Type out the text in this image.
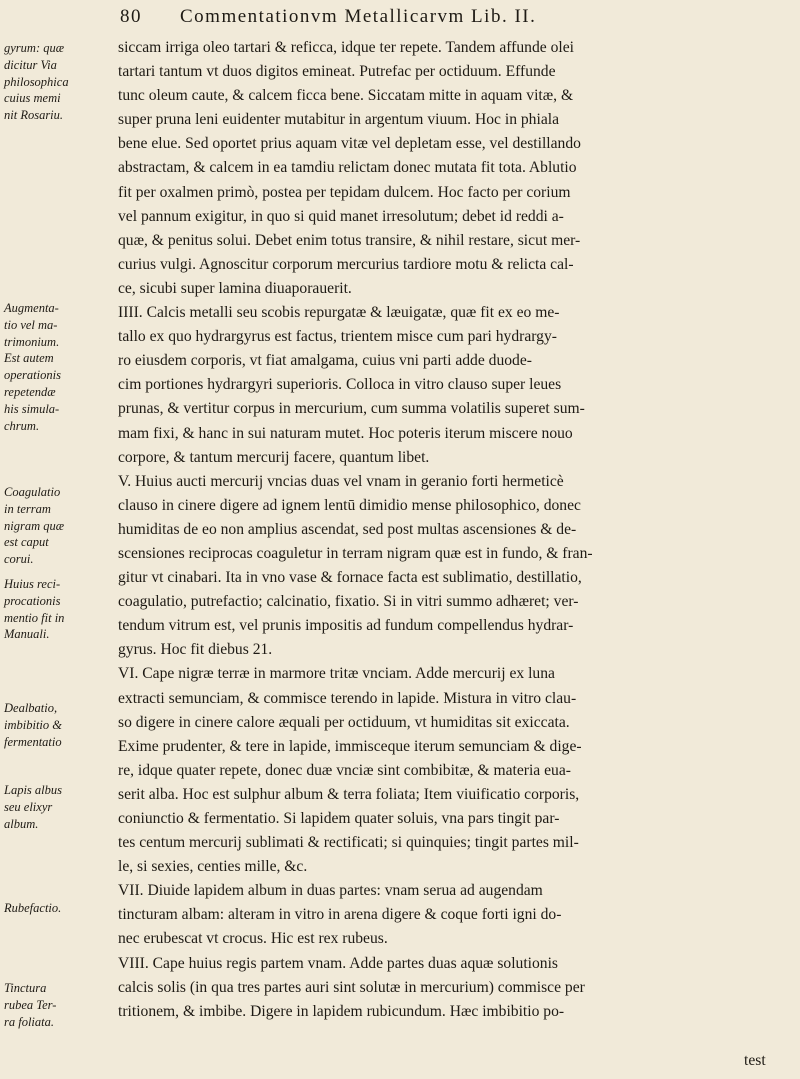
80 Commentationvm Metallicarvm Lib. II.

gyrum: quæ

dicitur Via

philosophica

cuius memi

nit Rosariu.

Augmenta-

tio vel ma-

trimonium.

Est autem

operationis

repetendæ

his simula-

chrum.

Coagulatio

in terram

nigram quæ

est caput

corui.

Huius reci-

procationis

mentio fit in

Manuali.

Dealbatio,

imbibitio &

fermentatio

Lapis albus

seu elixyr

album.

Rubefactio.

Tinctura

rubea Ter-

ra foliata.

siccam irriga oleo tartari & reficca, idque ter repete. Tandem affunde olei
tartari tantum vt duos digitos emineat. Putrefac per octiduum. Effunde
tunc oleum caute, & calcem ficca bene. Siccatam mitte in aquam vitæ, &
super pruna leni euidenter mutabitur in argentum viuum. Hoc in phiala
bene elue. Sed oportet prius aquam vitæ vel depletam esse, vel destillando
abstractam, & calcem in ea tamdiu relictam donec mutata fit tota. Ablutio
fit per oxalmen primò, postea per tepidam dulcem. Hoc facto per corium
vel pannum exigitur, in quo si quid manet irresolutum; debet id reddi a-
quæ, & penitus solui. Debet enim totus transire, & nihil restare, sicut mer-
curius vulgi. Agnoscitur corporum mercurius tardiore motu & relicta cal-
ce, sicubi super lamina diuaporauerit.
IIII. Calcis metalli seu scobis repurgatæ & læuigatæ, quæ fit ex eo me-
tallo ex quo hydrargyrus est factus, trientem misce cum pari hydrargy-
ro eiusdem corporis, vt fiat amalgama, cuius vni parti adde duode-
cim portiones hydrargyri superioris. Colloca in vitro clauso super leues
prunas, & vertitur corpus in mercurium, cum summa volatilis superet sum-
mam fixi, & hanc in sui naturam mutet. Hoc poteris iterum miscere nouo
corpore, & tantum mercurij facere, quantum libet.
V. Huius aucti mercurij vncias duas vel vnam in geranio forti hermeticè
clauso in cinere digere ad ignem lentū dimidio mense philosophico, donec
humiditas de eo non amplius ascendat, sed post multas ascensiones & de-
scensiones reciprocas coaguletur in terram nigram quæ est in fundo, & fran-
gitur vt cinabari. Ita in vno vase & fornace facta est sublimatio, destillatio,
coagulatio, putrefactio; calcinatio, fixatio. Si in vitri summo adhæret; ver-
tendum vitrum est, vel prunis impositis ad fundum compellendus hydrar-
gyrus. Hoc fit diebus 21.
VI. Cape nigræ terræ in marmore tritæ vnciam. Adde mercurij ex luna
extracti semunciam, & commisce terendo in lapide. Mistura in vitro clau-
so digere in cinere calore æquali per octiduum, vt humiditas sit exiccata.
Exime prudenter, & tere in lapide, immisceque iterum semunciam & dige-
re, idque quater repete, donec duæ vnciæ sint combibitæ, & materia eua-
serit alba. Hoc est sulphur album & terra foliata; Item viuificatio corporis,
coniunctio & fermentatio. Si lapidem quater soluis, vna pars tingit par-
tes centum mercurij sublimati & rectificati; si quinquies; tingit partes mil-
le, si sexies, centies mille, &c.
VII. Diuide lapidem album in duas partes: vnam serua ad augendam
tincturam albam: alteram in vitro in arena digere & coque forti igni do-
nec erubescat vt crocus. Hic est rex rubeus.
VIII. Cape huius regis partem vnam. Adde partes duas aquæ solutionis
calcis solis (in qua tres partes auri sint solutæ in mercurium) commisce per
tritionem, & imbibe. Digere in lapidem rubicundum. Hæc imbibitio po-
test
